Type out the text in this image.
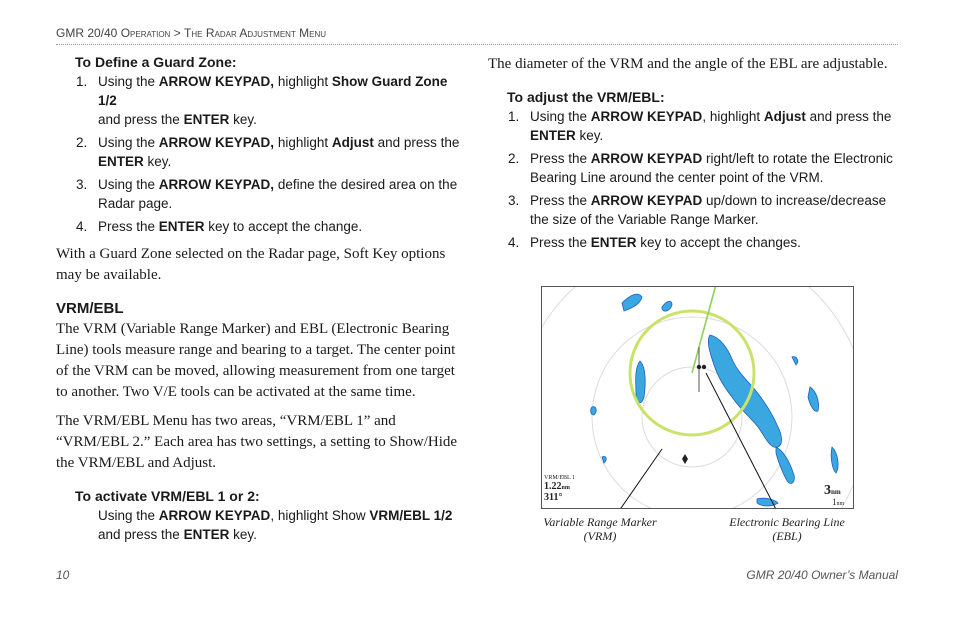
GMR 20/40 Operation > The Radar Adjustment Menu
To Define a Guard Zone:
1. Using the ARROW KEYPAD, highlight Show Guard Zone 1/2
and press the ENTER key.
2. Using the ARROW KEYPAD, highlight Adjust and press the
ENTER key.
3. Using the ARROW KEYPAD, define the desired area on the Radar page.
4. Press the ENTER key to accept the change.

With a Guard Zone selected on the Radar page, Soft Key options may be available.

VRM/EBL

The VRM (Variable Range Marker) and EBL (Electronic Bearing Line) tools measure range and bearing to a target. The center point of the VRM can be moved, allowing measurement from one target to another. Two V/E tools can be activated at the same time.

The VRM/EBL Menu has two areas, “VRM/EBL 1” and “VRM/EBL 2.” Each area has two settings, a setting to Show/Hide the VRM/EBL and Adjust.

To activate VRM/EBL 1 or 2:
Using the ARROW KEYPAD, highlight Show VRM/EBL 1/2
and press the ENTER key.

The diameter of the VRM and the angle of the EBL are adjustable.

To adjust the VRM/EBL:
1. Using the ARROW KEYPAD, highlight Adjust and press the
ENTER key.
2. Press the ARROW KEYPAD right/left to rotate the Electronic Bearing Line around the center point of the VRM.
3. Press the ARROW KEYPAD up/down to increase/decrease the size of the Variable Range Marker.
4. Press the ENTER key to accept the changes.
VRM/EBL 1
1.22nm
311°	3nm
1nm
Variable Range Marker
(VRM)
Electronic Bearing Line
(EBL)
10	GMR 20/40 Owner’s Manual
